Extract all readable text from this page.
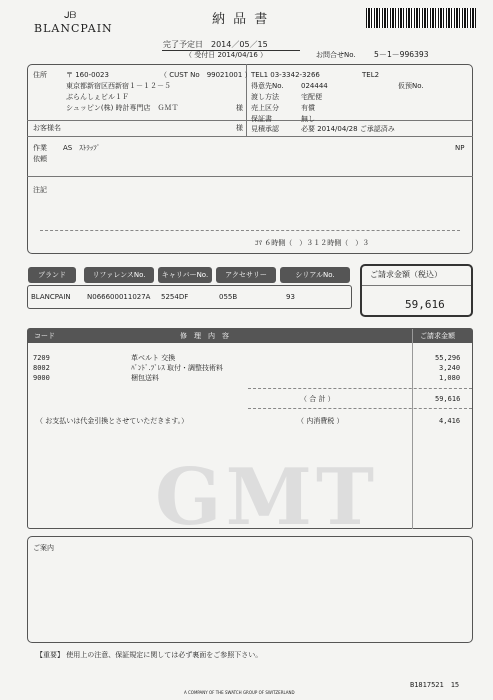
ᒍᗷ
BLANCPAIN
納 品 書
完了予定日　2014／05／15
（ 受付日 2014/04/16 ）	お問合せNo. 5－1－996393
住所	〒 160-0023	（ CUST No　99021001 ）
東京都新宿区西新宿１－１２－５
ぶらんしぇビル１Ｆ
シュッピン(株) 時計専門店　ＧＭＴ	様
お客様名	様
TEL1 03-3342-3266	TEL2
仮预No.
得意先No. 024444
渡し方法	宅配便
売上区分	有償
保証書	無し
見積承認	必要 2014/04/28 ご承認済み
作業 AS　ｽﾄﾗｯﾌﾟ	NP
依頼
注記
ｺﾏ ６時側（　）３１２時側（　）３
ブランド	リファレンスNo.	キャリバーNo.	アクセサリー	シリアルNo.
BLANCPAIN N066600011027A 5254DF	055B	93
ご請求金額（税込）
59,616
コード	修　理　内　容	ご請求金額
7209	革ベルト 交換	55,296
8002	ﾊﾞﾝﾄﾞ.ﾌﾞﾚｽ 取付・調整技術料	3,240
9000	梱包送料	1,080
（ 合 計 ）	59,616
（ お支払いは代金引換とさせていただきます。）	（ 内消費税 ）	4,416
GMT
ご案内
【重要】 使用上の注意、保証規定に関しては必ず裏面をご参照下さい。
B1817521　15
A COMPANY OF THE SWATCH GROUP OF SWITZERLAND
